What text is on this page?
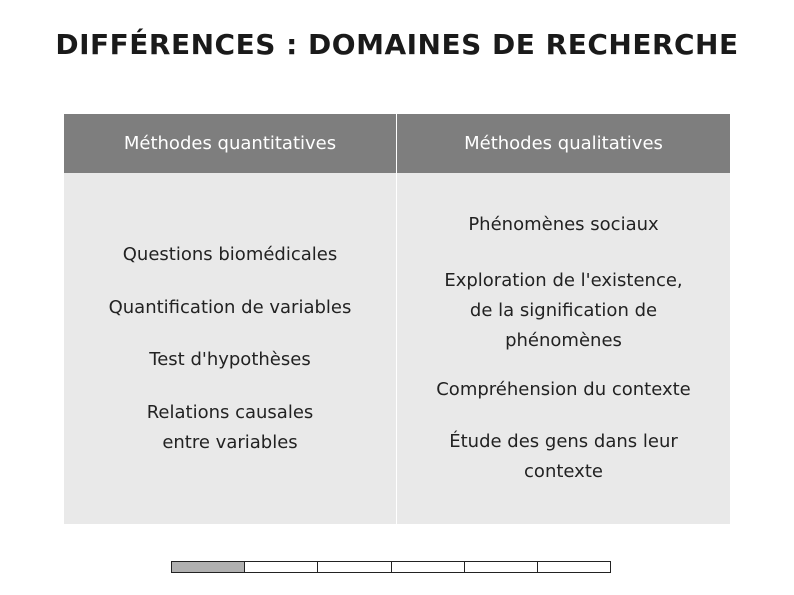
DIFFÉRENCES : DOMAINES DE RECHERCHE
Méthodes quantitatives	Méthodes qualitatives
Questions biomédicales
Quantification de variables
Test d'hypothèses
Relations causales
entre variables
Phénomènes sociaux
Exploration de l'existence,
de la signification de
phénomènes
Compréhension du contexte
Étude des gens dans leur
contexte
